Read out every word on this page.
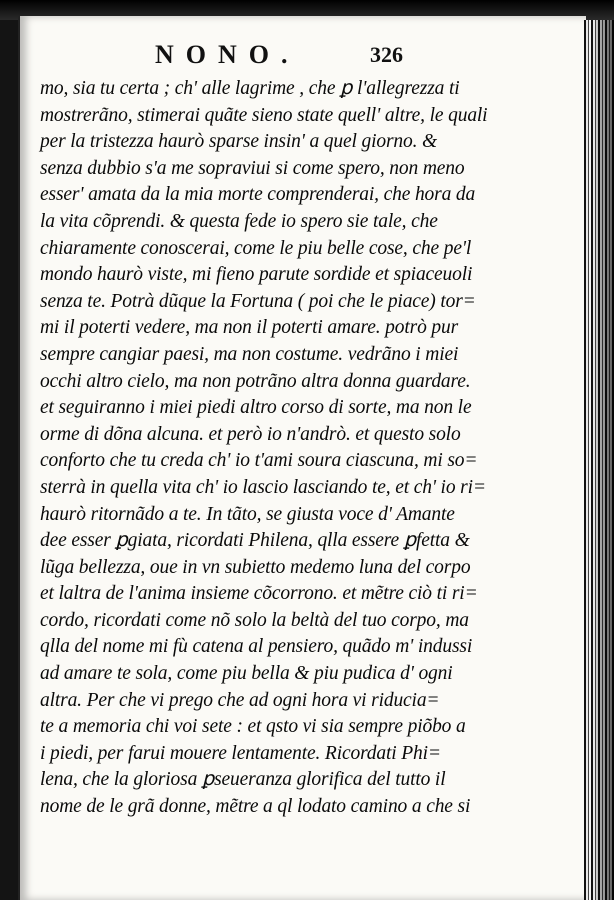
NONO.	326
mo, sia tu certa ; ch' alle lagrime , che ꝑ l'allegrezza ti
mostrerãno, stimerai quãte sieno state quell' altre, le quali
per la tristezza haurò sparse insin' a quel giorno. &
senza dubbio s'a me sopraviui si come spero, non meno
esser' amata da la mia morte comprenderai, che hora da
la vita cõprendi. & questa fede io spero sie tale, che
chiaramente conoscerai, come le piu belle cose, che pe'l
mondo haurò viste, mi fieno parute sordide et spiaceuoli
senza te. Potrà dũque la Fortuna ( poi che le piace) tor=
mi il poterti vedere, ma non il poterti amare. potrò pur
sempre cangiar paesi, ma non costume. vedrãno i miei
occhi altro cielo, ma non potrãno altra donna guardare.
et seguiranno i miei piedi altro corso di sorte, ma non le
orme di dõna alcuna. et però io n'andrò. et questo solo
conforto che tu creda ch' io t'ami soura ciascuna, mi so=
sterrà in quella vita ch' io lascio lasciando te, et ch' io ri=
haurò ritornãdo a te. In tãto, se giusta voce d' Amante
dee esser ꝑgiata, ricordati Philena, qlla essere ꝑfetta &
lũga bellezza, oue in vn subietto medemo luna del corpo
et laltra de l'anima insieme cõcorrono. et mẽtre ciò ti ri=
cordo, ricordati come nõ solo la beltà del tuo corpo, ma
qlla del nome mi fù catena al pensiero, quãdo m' indussi
ad amare te sola, come piu bella & piu pudica d' ogni
altra. Per che vi prego che ad ogni hora vi riducia=
te a memoria chi voi sete : et qsto vi sia sempre piõbo a
i piedi, per farui mouere lentamente. Ricordati Phi=
lena, che la gloriosa ꝑseueranza glorifica del tutto il
nome de le grã donne, mẽtre a ql lodato camino a che si
